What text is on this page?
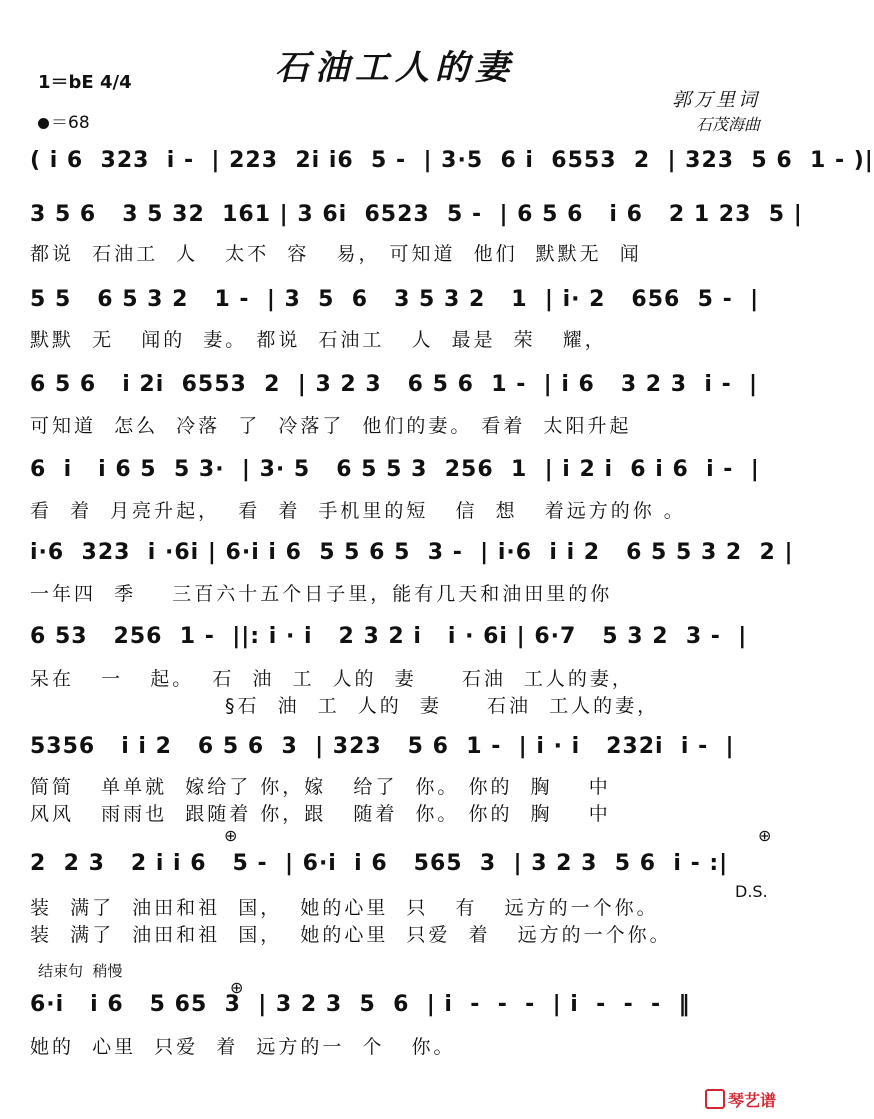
石油工人的妻
1＝bE 4/4
＝68
郭万里词
石茂海曲
( i 6  323  i -  | 223  2i i6  5 -  | 3·5  6 i  6553  2  | 323  5 6  1 - )|
3 5 6   3 5 32  161 | 3 6i  6523  5 -  | 6 5 6   i 6   2 1 23  5 |
都说  石油工  人   太不  容   易， 可知道  他们  默默无  闻
5 5   6 5 3 2   1 -  | 3  5  6   3 5 3 2   1  | i· 2   656  5 -  |
默默  无   闻的  妻。 都说  石油工   人  最是  荣   耀，
6 5 6   i 2i  6553  2  | 3 2 3   6 5 6  1 -  | i 6   3 2 3  i -  |
可知道  怎么  冷落  了  冷落了  他们的妻。 看着  太阳升起
6  i   i 6 5  5 3·  | 3· 5   6 5 5 3  256  1  | i 2 i  6 i 6  i -  |
看  着  月亮升起，  看  着  手机里的短   信  想   着远方的你 。
i·6  323  i ·6i | 6·i i 6  5 5 6 5  3 -  | i·6  i i 2   6 5 5 3 2  2 |
一年四  季    三百六十五个日子里，能有几天和油田里的你
6 53   256  1 -  ||: i · i   2 3 2 i   i · 6i | 6·7   5 3 2  3 -  |
呆在   一   起。  石  油  工  人的  妻     石油  工人的妻，
§石  油  工  人的  妻     石油  工人的妻，
5356   i i 2   6 5 6  3  | 323   5 6  1 -  | i · i   232i  i -  |
简简   单单就  嫁给了 你，嫁   给了  你。 你的  胸    中
风风   雨雨也  跟随着 你，跟   随着  你。 你的  胸    中
⊕
⊕
2  2 3   2 i i 6   5 -  | 6·i  i 6   565  3  | 3 2 3  5 6  i - :|
D.S.
装  满了  油田和祖  国，  她的心里  只   有   远方的一个你。
装  满了  油田和祖  国，  她的心里  只爱  着   远方的一个你。
结束句  稍慢
⊕
6·i   i 6   5 65  3  | 3 2 3  5  6  | i  -  -  -  | i  -  -  -  ‖
她的  心里  只爱  着  远方的一  个   你。
琴艺谱
